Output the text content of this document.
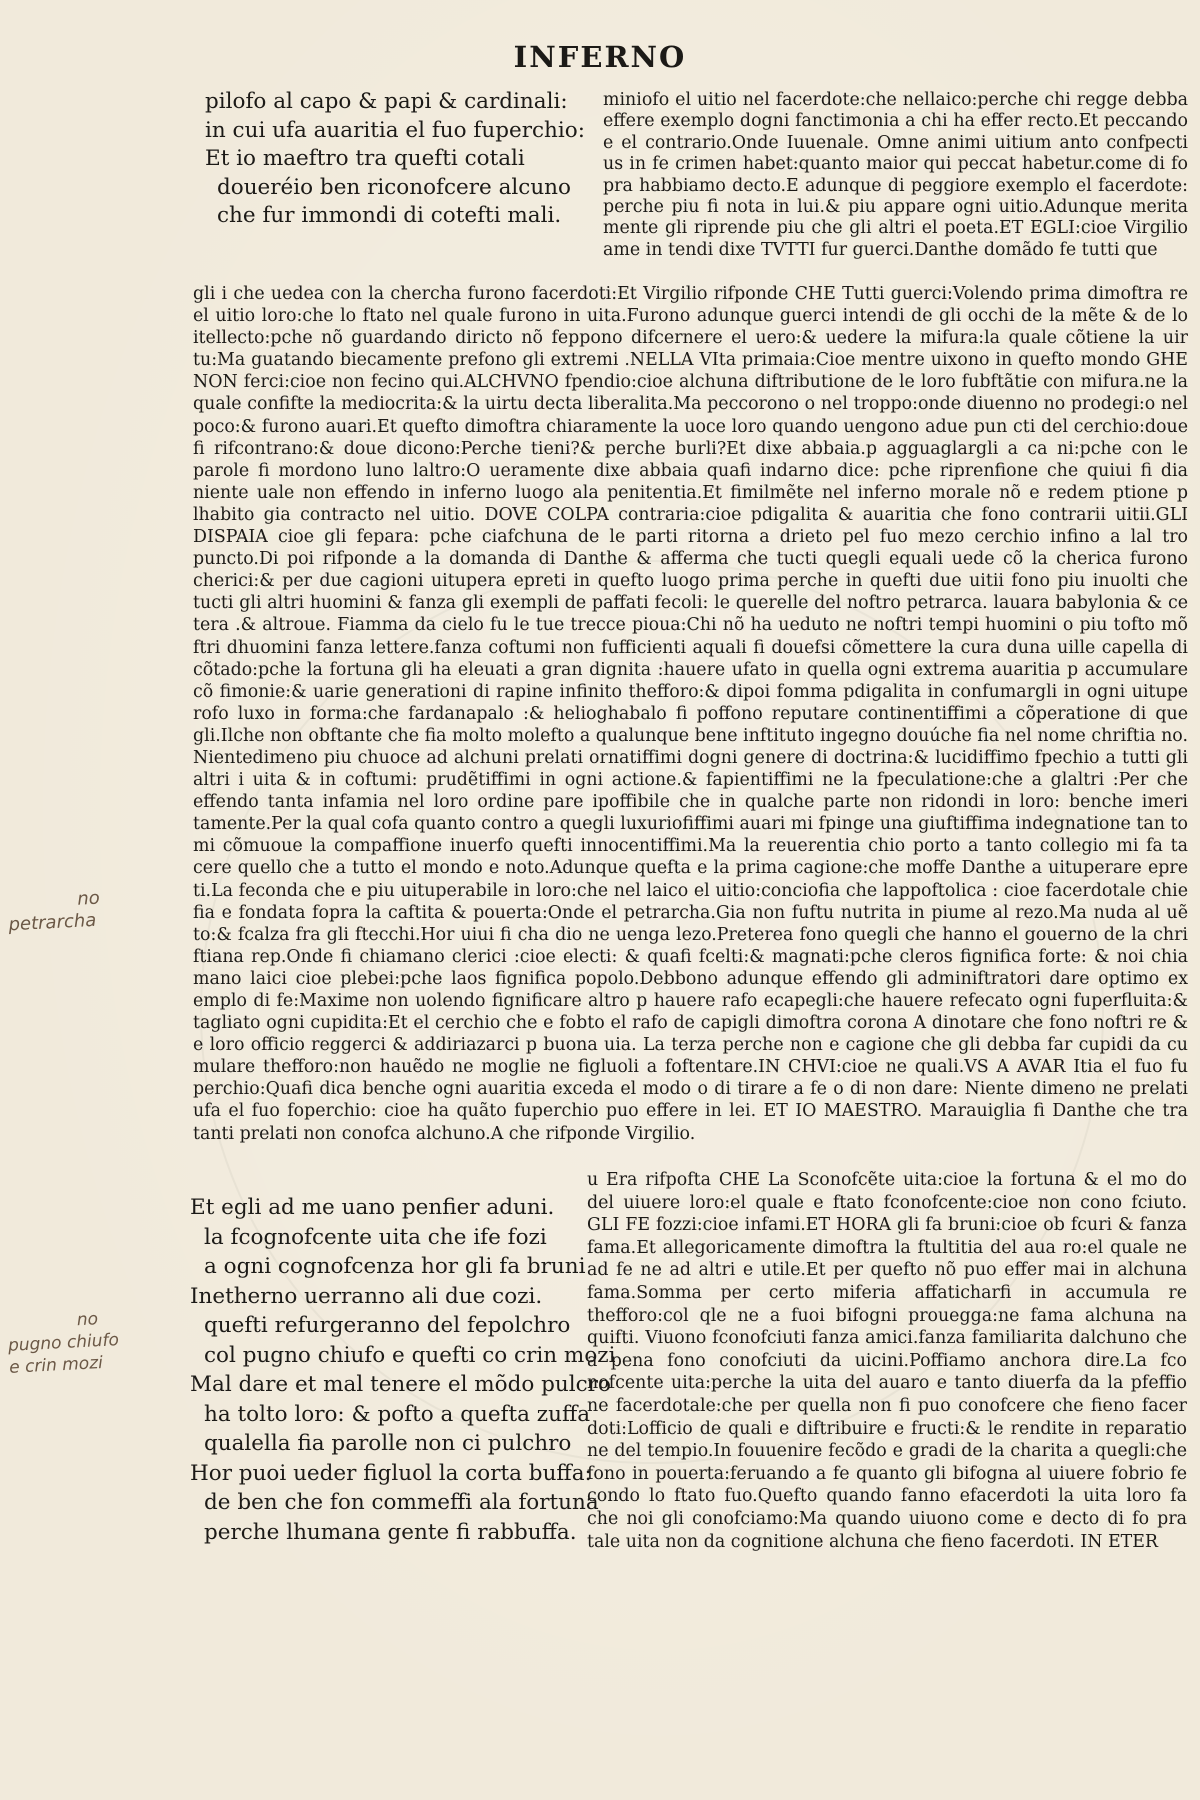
INFERNO
pilofo al capo & papi & cardinali:
in cui ufa auaritia el fuo fuperchio:
Et io maeftro tra quefti cotali
doueréio ben riconofcere alcuno
che fur immondi di cotefti mali.
miniofo el uitio nel facerdote:che nellaico:perche chi regge debba effere exemplo dogni fanctimonia a chi ha effer recto.Et peccando e el contrario.Onde Iuuenale. Omne animi uitium anto confpecti us in fe crimen habet:quanto maior qui peccat habetur.come di fo pra habbiamo decto.E adunque di peggiore exemplo el facerdote: perche piu fi nota in lui.& piu appare ogni uitio.Adunque merita mente gli riprende piu che gli altri el poeta.ET EGLI:cioe Virgilio ame in tendi dixe TVTTI fur guerci.Danthe domãdo fe tutti que
gli i che uedea con la chercha furono facerdoti:Et Virgilio rifponde CHE Tutti guerci:Volendo prima dimoftra re el uitio loro:che lo ftato nel quale furono in uita.Furono adunque guerci intendi de gli occhi de la mẽte & de lo itellecto:pche nõ guardando diricto nõ feppono difcernere el uero:& uedere la mifura:la quale cõtiene la uir tu:Ma guatando biecamente prefono gli extremi .NELLA VIta primaia:Cioe mentre uixono in quefto mondo GHE NON ferci:cioe non fecino qui.ALCHVNO fpendio:cioe alchuna diftributione de le loro fubftãtie con mifura.ne la quale confifte la mediocrita:& la uirtu decta liberalita.Ma peccorono o nel troppo:onde diuenno no prodegi:o nel poco:& furono auari.Et quefto dimoftra chiaramente la uoce loro quando uengono adue pun cti del cerchio:doue fi rifcontrano:& doue dicono:Perche tieni?& perche burli?Et dixe abbaia.p agguaglargli a ca ni:pche con le parole fi mordono luno laltro:O ueramente dixe abbaia quafi indarno dice: pche riprenfione che quiui fi dia niente uale non effendo in inferno luogo ala penitentia.Et fimilmẽte nel inferno morale nõ e redem ptione p lhabito gia contracto nel uitio. DOVE COLPA contraria:cioe pdigalita & auaritia che fono contrarii uitii.GLI DISPAIA cioe gli fepara: pche ciafchuna de le parti ritorna a drieto pel fuo mezo cerchio infino a lal tro puncto.Di poi rifponde a la domanda di Danthe & afferma che tucti quegli equali uede cõ la cherica furono cherici:& per due cagioni uitupera epreti in quefto luogo prima perche in quefti due uitii fono piu inuolti che tucti gli altri huomini & fanza gli exempli de paffati fecoli: le querelle del noftro petrarca. lauara babylonia & ce tera .& altroue. Fiamma da cielo fu le tue trecce pioua:Chi nõ ha ueduto ne noftri tempi huomini o piu tofto mõ ftri dhuomini fanza lettere.fanza coftumi non fufficienti aquali fi douefsi cõmettere la cura duna uille capella di cõtado:pche la fortuna gli ha eleuati a gran dignita :hauere ufato in quella ogni extrema auaritia p accumulare cõ fimonie:& uarie generationi di rapine infinito thefforo:& dipoi fomma pdigalita in confumargli in ogni uitupe rofo luxo in forma:che fardanapalo :& helioghabalo fi poffono reputare continentiffimi a cõperatione di que gli.Ilche non obftante che fia molto molefto a qualunque bene inftituto ingegno douúche fia nel nome chriftia no. Nientedimeno piu chuoce ad alchuni prelati ornatiffimi dogni genere di doctrina:& lucidiffimo fpechio a tutti gli altri i uita & in coftumi: prudẽtiffimi in ogni actione.& fapientiffimi ne la fpeculatione:che a glaltri :Per che effendo tanta infamia nel loro ordine pare ipoffibile che in qualche parte non ridondi in loro: benche imeri tamente.Per la qual cofa quanto contro a quegli luxuriofiffimi auari mi fpinge una giuftiffima indegnatione tan to mi cõmuoue la compaffione inuerfo quefti innocentiffimi.Ma la reuerentia chio porto a tanto collegio mi fa ta cere quello che a tutto el mondo e noto.Adunque quefta e la prima cagione:che moffe Danthe a uituperare epre ti.La feconda che e piu uituperabile in loro:che nel laico el uitio:conciofia che lappoftolica : cioe facerdotale chie fia e fondata fopra la caftita & pouerta:Onde el petrarcha.Gia non fuftu nutrita in piume al rezo.Ma nuda al uẽ to:& fcalza fra gli ftecchi.Hor uiui fi cha dio ne uenga lezo.Preterea fono quegli che hanno el gouerno de la chri ftiana rep.Onde fi chiamano clerici :cioe electi: & quafi fcelti:& magnati:pche cleros fignifica forte: & noi chia mano laici cioe plebei:pche laos fignifica popolo.Debbono adunque effendo gli adminiftratori dare optimo ex emplo di fe:Maxime non uolendo fignificare altro p hauere rafo ecapegli:che hauere refecato ogni fuperfluita:& tagliato ogni cupidita:Et el cerchio che e fobto el rafo de capigli dimoftra corona A dinotare che fono noftri re & e loro officio reggerci & addiriazarci p buona uia. La terza perche non e cagione che gli debba far cupidi da cu mulare thefforo:non hauẽdo ne moglie ne figluoli a foftentare.IN CHVI:cioe ne quali.VS A AVAR Itia el fuo fu perchio:Quafi dica benche ogni auaritia exceda el modo o di tirare a fe o di non dare: Niente dimeno ne prelati ufa el fuo foperchio: cioe ha quãto fuperchio puo effere in lei. ET IO MAESTRO. Marauiglia fi Danthe che tra tanti prelati non conofca alchuno.A che rifponde Virgilio.
Et egli ad me uano penfier aduni.
la fcognofcente uita che ife fozi
a ogni cognofcenza hor gli fa bruni
Inetherno uerranno ali due cozi.
quefti refurgeranno del fepolchro
col pugno chiufo e quefti co crin mozi
Mal dare et mal tenere el mõdo pulcro
ha tolto loro: & pofto a quefta zuffa
qualella fia parolle non ci pulchro
Hor puoi ueder figluol la corta buffa:
de ben che fon commeffi ala fortuna
perche lhumana gente fi rabbuffa.
u Era rifpofta CHE La Sconofcẽte uita:cioe la fortuna & el mo do del uiuere loro:el quale e ftato fconofcente:cioe non cono fciuto. GLI FE fozzi:cioe infami.ET HORA gli fa bruni:cioe ob fcuri & fanza fama.Et allegoricamente dimoftra la ftultitia del aua ro:el quale ne ad fe ne ad altri e utile.Et per quefto nõ puo effer mai in alchuna fama.Somma per certo miferia affaticharfi in accumula re thefforo:col qle ne a fuoi bifogni prouegga:ne fama alchuna na quifti. Viuono fconofciuti fanza amici.fanza familiarita dalchuno che a pena fono conofciuti da uicini.Poffiamo anchora dire.La fco nofcente uita:perche la uita del auaro e tanto diuerfa da la pfeffio ne facerdotale:che per quella non fi puo conofcere che fieno facer doti:Lofficio de quali e diftribuire e fructi:& le rendite in reparatio ne del tempio.In fouuenire fecõdo e gradi de la charita a quegli:che fono in pouerta:feruando a fe quanto gli bifogna al uiuere fobrio fe condo lo ftato fuo.Quefto quando fanno efacerdoti la uita loro fa che noi gli conofciamo:Ma quando uiuono come e decto di fo pra tale uita non da cognitione alchuna che fieno facerdoti. IN ETER
no
petrarcha
no
pugno chiufo
e crin mozi
